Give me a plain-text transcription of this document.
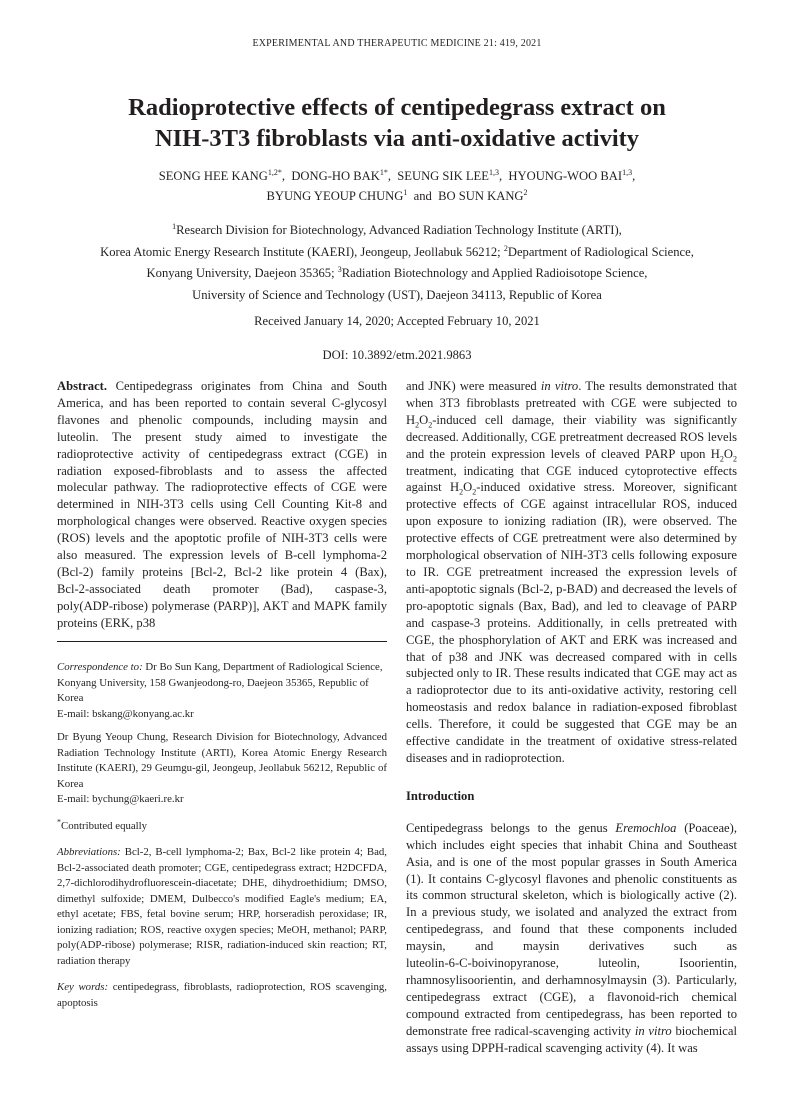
EXPERIMENTAL AND THERAPEUTIC MEDICINE 21: 419, 2021
Radioprotective effects of centipedegrass extract on
NIH-3T3 fibroblasts via anti-oxidative activity
SEONG HEE $KANG^{1,2*}$,  DONG-HO $BAK^{1*}$,  SEUNG SIK LEE$^{1,3}$,  HYOUNG-WOO BAI$^{1,3}$,
BYUNG YEOUP CHUNG$^1$ and BO SUN KANG$^2$
$^1$Research Division for Biotechnology, Advanced Radiation Technology Institute (ARTI),
Korea Atomic Energy Research Institute (KAERI), Jeongeup, Jeollabuk 56212; $^2$Department of Radiological Science,
Konyang University, Daejeon 35365; $^3$Radiation Biotechnology and Applied Radioisotope Science,
University of Science and Technology (UST), Daejeon 34113, Republic of Korea
Received January 14, 2020; Accepted February 10, 2021
DOI: 10.3892/etm.2021.9863

Abstract. Centipedegrass originates from China and South America, and has been reported to contain several C‑glycosyl flavones and phenolic compounds, including maysin and luteolin. The present study aimed to investigate the radioprotective activity of centipedegrass extract (CGE) in radiation exposed‑fibroblasts and to assess the affected molecular pathway. The radioprotective effects of CGE were determined in NIH‑3T3 cells using Cell Counting Kit‑8 and morphological changes were observed. Reactive oxygen species (ROS) levels and the apoptotic profile of NIH‑3T3 cells were also measured. The expression levels of B‑cell lymphoma‑2 (Bcl‑2) family proteins [Bcl‑2, Bcl‑2 like protein 4 (Bax), Bcl‑2‑associated death promoter (Bad), caspase‑3, poly(ADP‑ribose) polymerase (PARP)], AKT and MAPK family proteins (ERK, p38

Correspondence to: Dr Bo Sun Kang, Department of Radiological Science, Konyang University, 158 Gwanjeodong‑ro, Daejeon 35365, Republic of Korea
E‑mail: bskang@konyang.ac.kr

Dr Byung Yeoup Chung, Research Division for Biotechnology, Advanced Radiation Technology Institute (ARTI), Korea Atomic Energy Research Institute (KAERI), 29 Geumgu‑gil, Jeongeup, Jeollabuk 56212, Republic of Korea
E‑mail: bychung@kaeri.re.kr

*Contributed equally

Abbreviations: Bcl‑2, B‑cell lymphoma‑2; Bax, Bcl‑2 like protein 4; Bad, Bcl‑2‑associated death promoter; CGE, centipedegrass extract; H2DCFDA, 2,7‑dichlorodihydrofluorescein‑diacetate; DHE, dihydroethidium; DMSO, dimethyl sulfoxide; DMEM, Dulbecco's modified Eagle's medium; EA, ethyl acetate; FBS, fetal bovine serum; HRP, horseradish peroxidase; IR, ionizing radiation; ROS, reactive oxygen species; MeOH, methanol; PARP, poly(ADP‑ribose) polymerase; RISR, radiation‑induced skin reaction; RT, radiation therapy

Key words: centipedegrass, fibroblasts, radioprotection, ROS scavenging, apoptosis

and JNK) were measured in vitro. The results demonstrated that when 3T3 fibroblasts pretreated with CGE were subjected to $H_2O_2‑induced$ cell damage, their viability was significantly decreased. Additionally, CGE pretreatment decreased ROS levels and the protein expression levels of cleaved PARP upon $H_2O_2$ treatment, indicating that CGE induced cytoprotective effects against $H_2O_2‑induced$ oxidative stress. Moreover, significant protective effects of CGE against intracellular ROS, induced upon exposure to ionizing radiation (IR), were observed. The protective effects of CGE pretreatment were also determined by morphological observation of NIH‑3T3 cells following exposure to IR. CGE pretreatment increased the expression levels of anti‑apoptotic signals (Bcl‑2, p‑BAD) and decreased the levels of pro‑apoptotic signals (Bax, Bad), and led to cleavage of PARP and caspase‑3 proteins. Additionally, in cells pretreated with CGE, the phosphorylation of AKT and ERK was increased and that of p38 and JNK was decreased compared with in cells subjected only to IR. These results indicated that CGE may act as a radioprotector due to its anti‑oxidative activity, restoring cell homeostasis and redox balance in radiation‑exposed fibroblast cells. Therefore, it could be suggested that CGE may be an effective candidate in the treatment of oxidative stress‑related diseases and in radioprotection.

Introduction

Centipedegrass belongs to the genus Eremochloa (Poaceae), which includes eight species that inhabit China and Southeast Asia, and is one of the most popular grasses in South America (1). It contains C‑glycosyl flavones and phenolic constituents as its common structural skeleton, which is biologically active (2). In a previous study, we isolated and analyzed the extract from centipedegrass, and found that these components included maysin, and maysin derivatives such as luteolin‑6‑C‑boivinopyranose, luteolin, Isoorientin, rhamnosylisoorientin, and derhamnosylmaysin (3). Particularly, centipedegrass extract (CGE), a flavonoid‑rich chemical compound extracted from centipedegrass, has been reported to demonstrate free radical‑scavenging activity in vitro biochemical assays using DPPH‑radical scavenging activity (4). It was
